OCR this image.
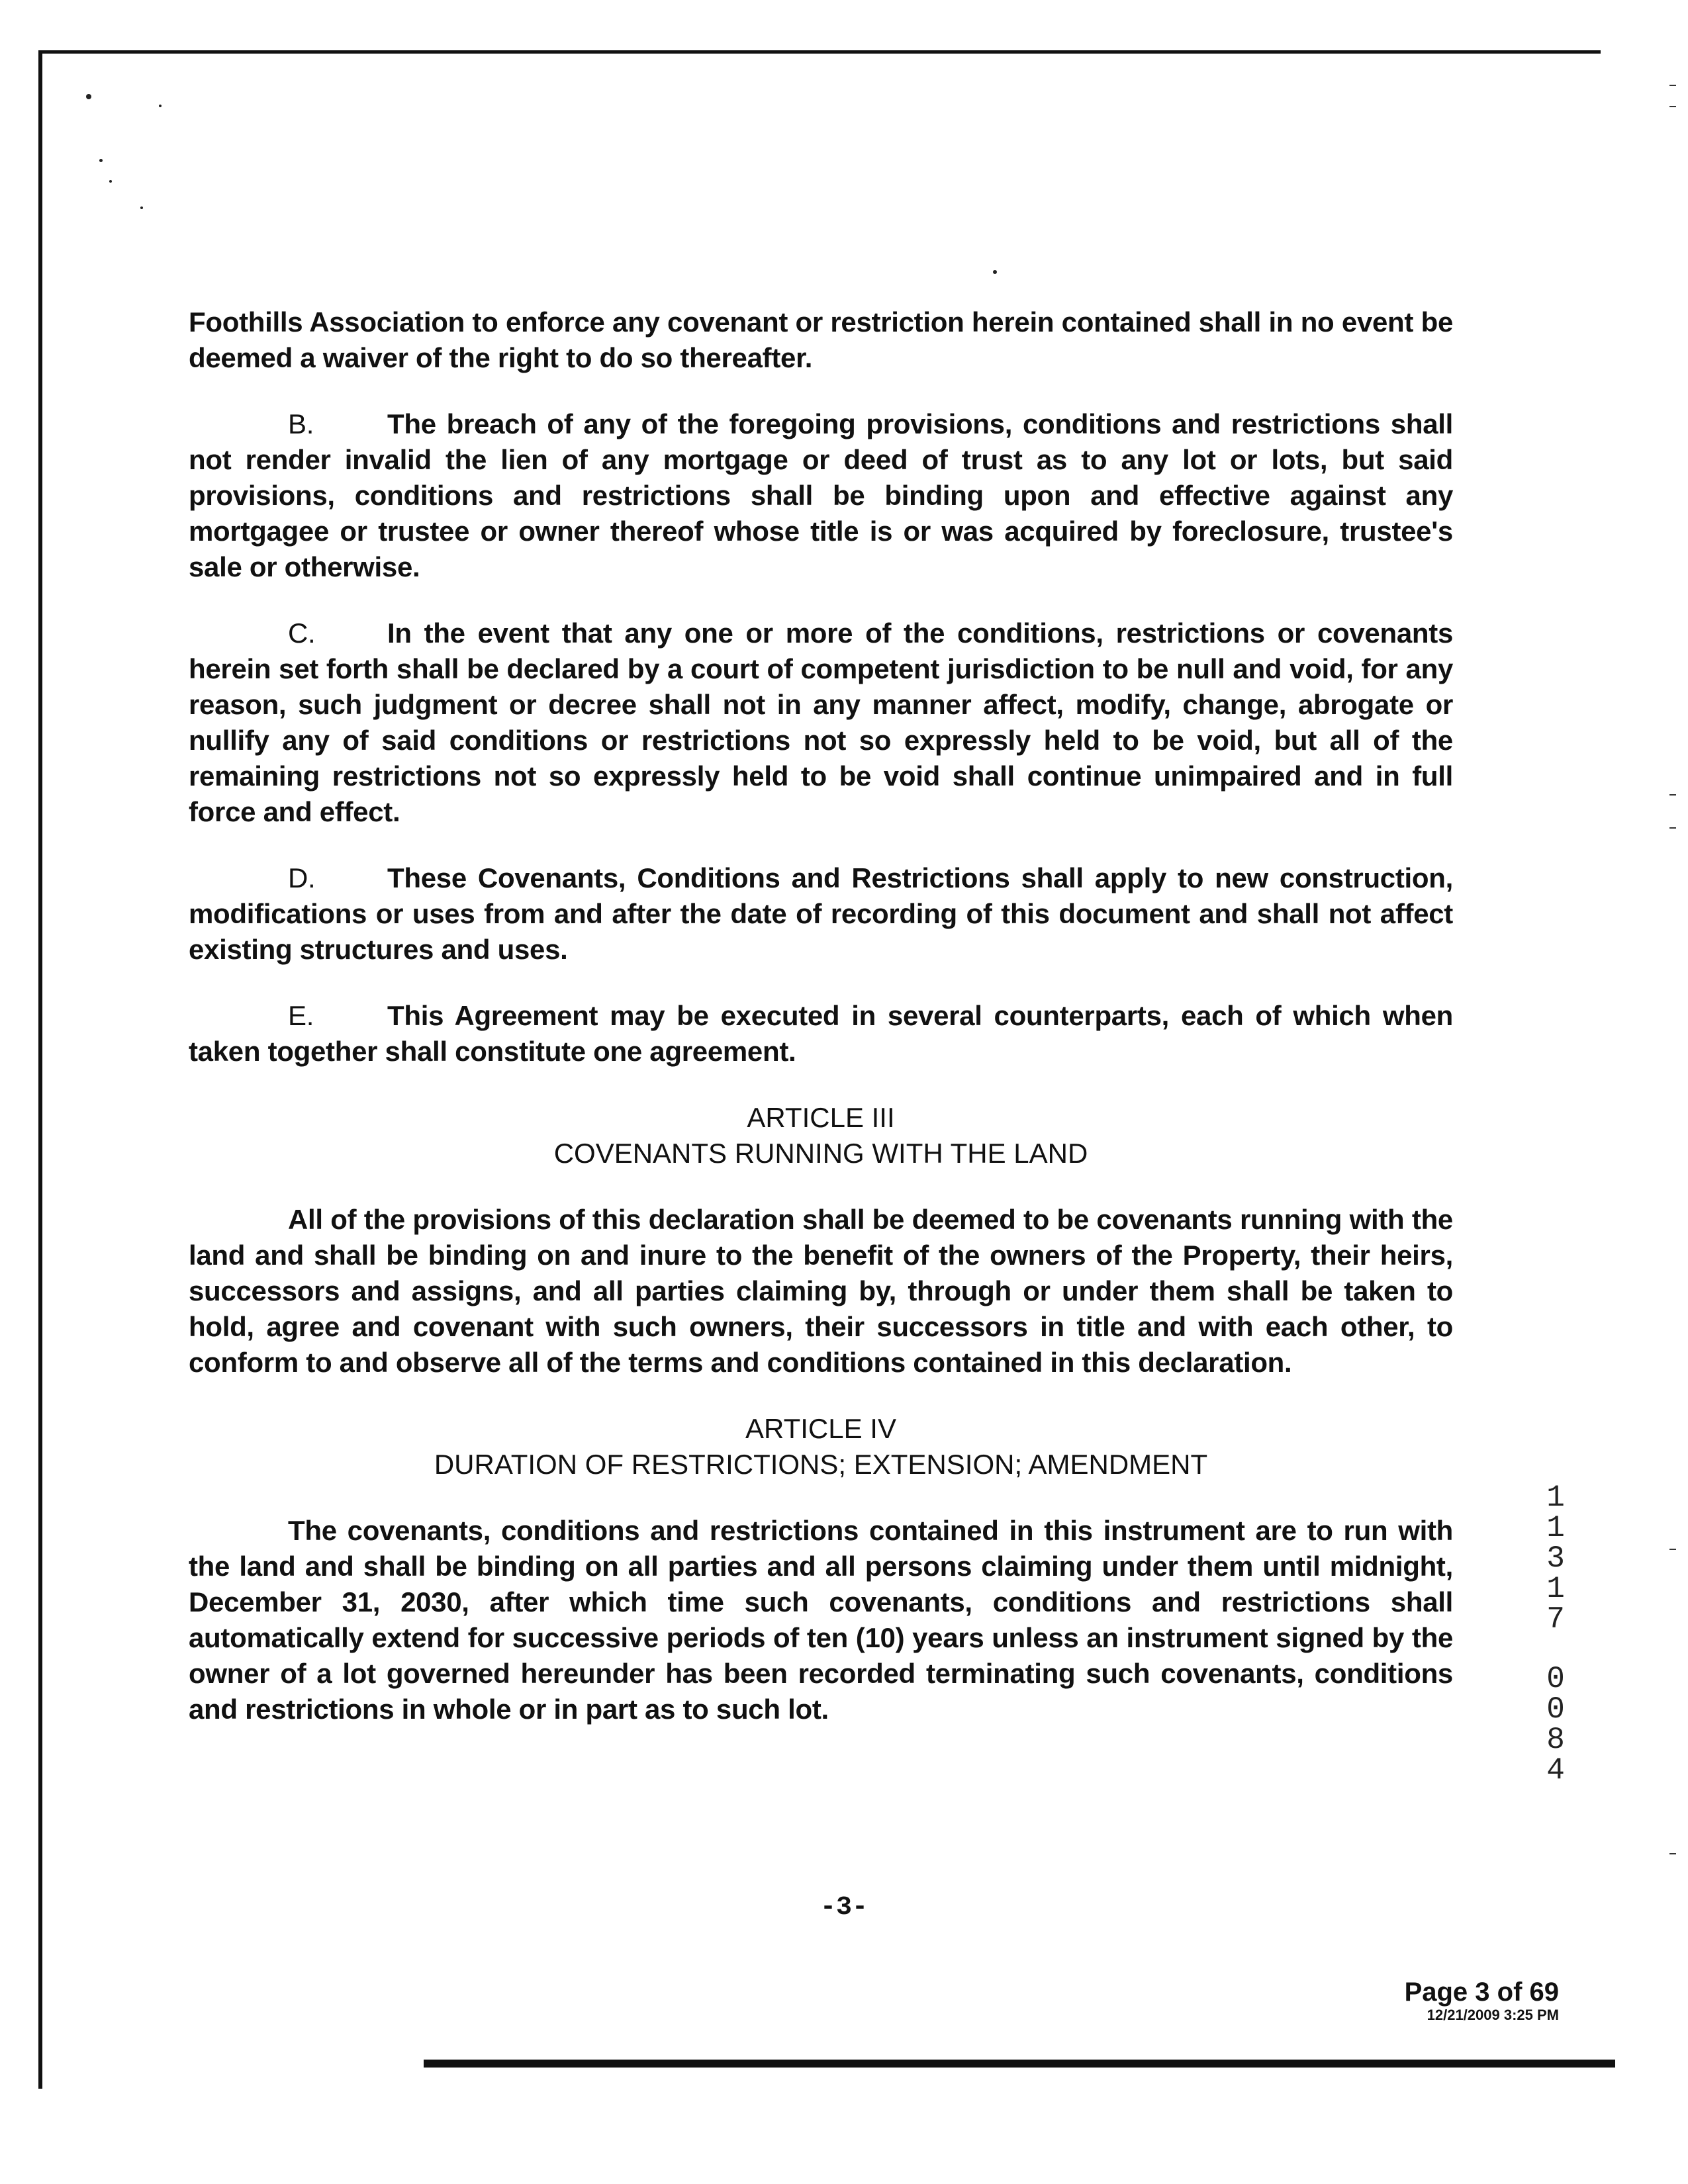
Foothills Association to enforce any covenant or restriction herein contained shall in no event be deemed a waiver of the right to do so thereafter.

B.	The breach of any of the foregoing provisions, conditions and restrictions shall not render invalid the lien of any mortgage or deed of trust as to any lot or lots, but said provisions, conditions and restrictions shall be binding upon and effective against any mortgagee or trustee or owner thereof whose title is or was acquired by foreclosure, trustee's sale or otherwise.

C.	In the event that any one or more of the conditions, restrictions or covenants herein set forth shall be declared by a court of competent jurisdiction to be null and void, for any reason, such judgment or decree shall not in any manner affect, modify, change, abrogate or nullify any of said conditions or restrictions not so expressly held to be void, but all of the remaining restrictions not so expressly held to be void shall continue unimpaired and in full force and effect.

D.	These Covenants, Conditions and Restrictions shall apply to new construction, modifications or uses from and after the date of recording of this document and shall not affect existing structures and uses.

E.	This Agreement may be executed in several counterparts, each of which when taken together shall constitute one agreement.

ARTICLE III

COVENANTS RUNNING WITH THE LAND

All of the provisions of this declaration shall be deemed to be covenants running with the land and shall be binding on and inure to the benefit of the owners of the Property, their heirs, successors and assigns, and all parties claiming by, through or under them shall be taken to hold, agree and covenant with such owners, their successors in title and with each other, to conform to and observe all of the terms and conditions contained in this declaration.

ARTICLE IV

DURATION OF RESTRICTIONS; EXTENSION; AMENDMENT

The covenants, conditions and restrictions contained in this instrument are to run with the land and shall be binding on all parties and all persons claiming under them until midnight, December 31, 2030, after which time such covenants, conditions and restrictions shall automatically extend for successive periods of ten (10) years unless an instrument signed by the owner of a lot governed hereunder has been recorded terminating such covenants, conditions and restrictions in whole or in part as to such lot.

-3-
1
1
3
1
7
0
0
8
4
Page 3 of 69
12/21/2009 3:25 PM
